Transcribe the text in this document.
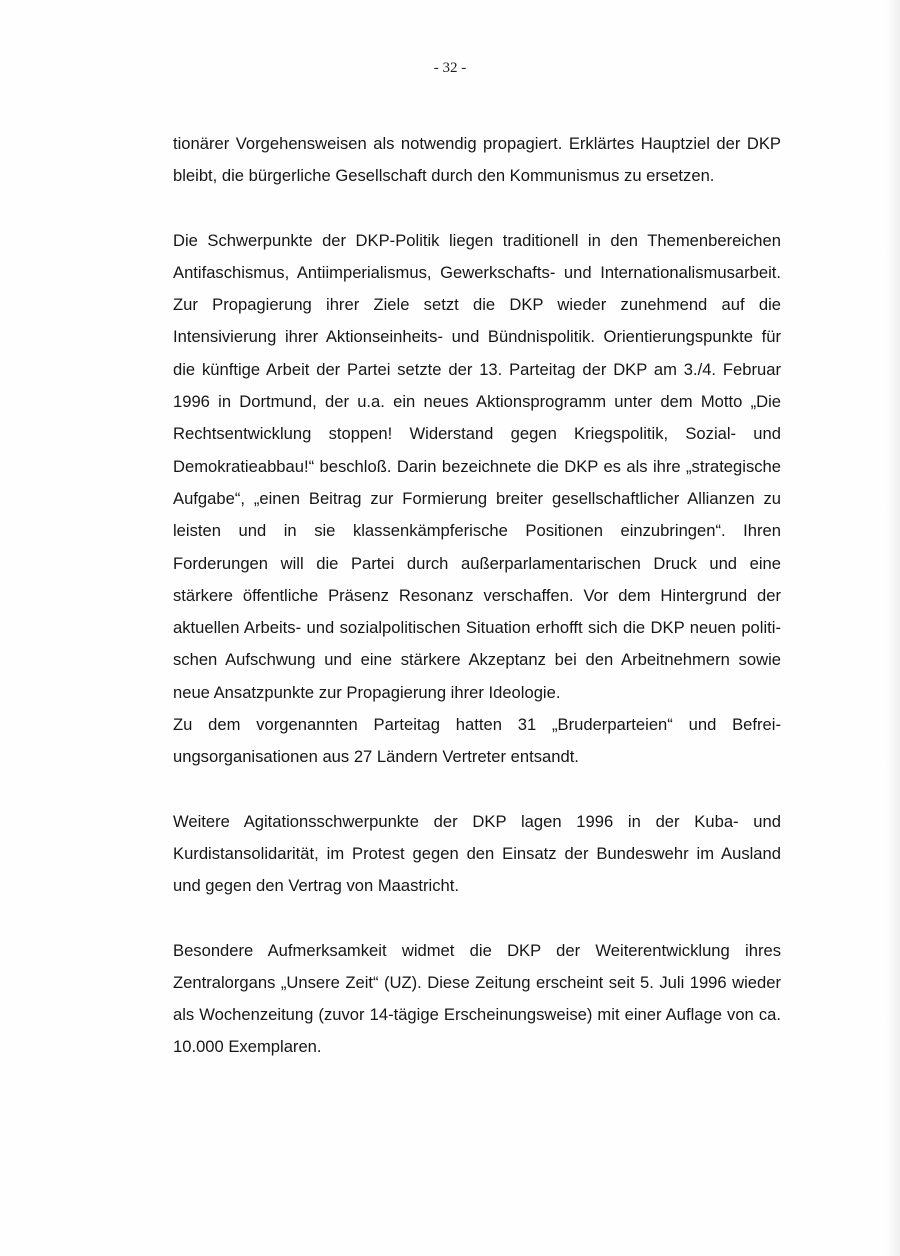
- 32 -

tionärer Vorgehensweisen als notwendig propagiert. Erklärtes Hauptziel der DKP bleibt, die bürgerliche Gesellschaft durch den Kommunismus zu ersetzen.

Die Schwerpunkte der DKP-Politik liegen traditionell in den Themenbereichen Antifaschismus, Antiimperialismus, Gewerkschafts- und Internationalismusarbeit. Zur Propagierung ihrer Ziele setzt die DKP wieder zunehmend auf die Intensivierung ihrer Aktionseinheits- und Bündnispolitik. Orientierungspunkte für die künftige Arbeit der Partei setzte der 13. Parteitag der DKP am 3./4. Februar 1996 in Dortmund, der u.a. ein neues Aktionsprogramm unter dem Motto „Die Rechtsentwicklung stoppen! Widerstand gegen Kriegspolitik, Sozial- und Demokratieabbau!“ beschloß. Darin bezeichnete die DKP es als ihre „strategische Aufgabe“, „einen Beitrag zur Formierung breiter gesellschaftlicher Allianzen zu leisten und in sie klassenkämpferische Positionen einzubringen“. Ihren Forderungen will die Partei durch außerparlamentarischen Druck und eine stärkere öffentliche Präsenz Resonanz verschaffen. Vor dem Hintergrund der aktuellen Arbeits- und sozialpolitischen Situation erhofft sich die DKP neuen politischen Aufschwung und eine stärkere Akzeptanz bei den Arbeitnehmern sowie neue Ansatzpunkte zur Propagierung ihrer Ideologie.

Zu dem vorgenannten Parteitag hatten 31 „Bruderparteien“ und Befreiungsorganisationen aus 27 Ländern Vertreter entsandt.

Weitere Agitationsschwerpunkte der DKP lagen 1996 in der Kuba- und Kurdistansolidarität, im Protest gegen den Einsatz der Bundeswehr im Ausland und gegen den Vertrag von Maastricht.

Besondere Aufmerksamkeit widmet die DKP der Weiterentwicklung ihres Zentralorgans „Unsere Zeit“ (UZ). Diese Zeitung erscheint seit 5. Juli 1996 wieder als Wochenzeitung (zuvor 14-tägige Erscheinungsweise) mit einer Auflage von ca. 10.000 Exemplaren.
